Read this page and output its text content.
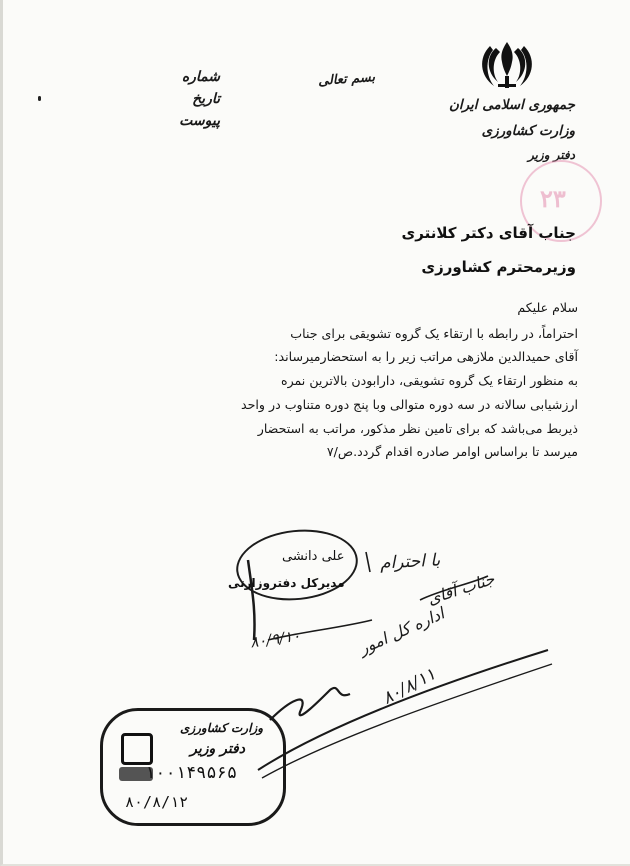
جمهوری اسلامی ایران
وزارت کشاورزی
دفتر وزیر
بسم تعالی
شماره
تاریخ
پیوست
۲۳
جناب آقای دکتر کلانتری
وزیرمحترم کشاورزی
سلام علیکم
احتراماً، در رابطه با ارتقاء یک گروه تشویقی برای جناب
آقای حمیدالدین ملازهی مراتب زیر را به استحضارمیرساند:
به منظور ارتقاء یک گروه تشویقی، دارابودن بالاترین نمره
ارزشیابی سالانه در سه دوره متوالی وبا پنج دوره متناوب در واحد
ذیربط می‌باشد که برای تامین نظر مذکور، مراتب به استحضار
میرسد تا براساس اوامر صادره اقدام گردد.ص/۷
علی دانشی
مدیرکل دفتروزارتی
با احترام
جناب آقای
۸۰/۹/۱۰	اداره کل امور
۸۰/۸/۱۱
وزارت کشاورزی
دفتر وزیر
۱۰۰۱۴۹۵۶۵
۸۰/۸/۱۲
